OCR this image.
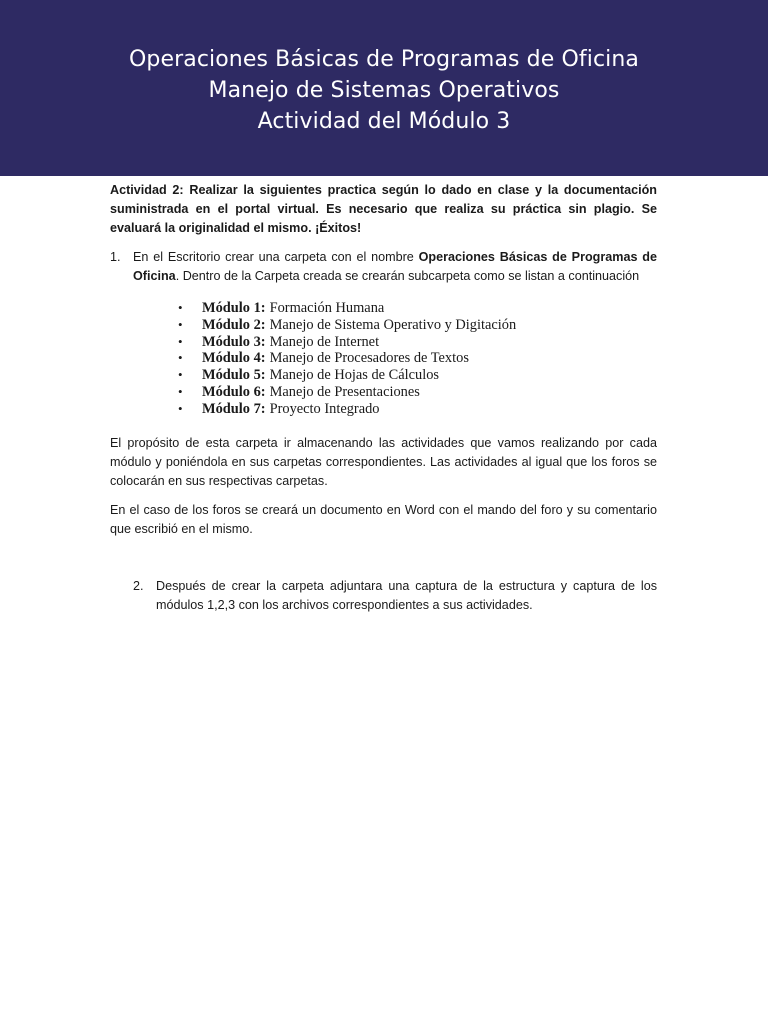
Operaciones Básicas de Programas de Oficina
Manejo de Sistemas Operativos
Actividad del Módulo 3

Actividad 2: Realizar la siguientes practica según lo dado en clase y la documentación suministrada en el portal virtual. Es necesario que realiza su práctica sin plagio. Se evaluará la originalidad el mismo. ¡Éxitos!

1. En el Escritorio crear una carpeta con el nombre Operaciones Básicas de Programas de Oficina. Dentro de la Carpeta creada se crearán subcarpeta como se listan a continuación
•	Módulo 1: Formación Humana
•	Módulo 2: Manejo de Sistema Operativo y Digitación
•	Módulo 3: Manejo de Internet
•	Módulo 4: Manejo de Procesadores de Textos
•	Módulo 5: Manejo de Hojas de Cálculos
•	Módulo 6: Manejo de Presentaciones
•	Módulo 7: Proyecto Integrado

El propósito de esta carpeta ir almacenando las actividades que vamos realizando por cada módulo y poniéndola en sus carpetas correspondientes. Las actividades al igual que los foros se colocarán en sus respectivas carpetas.

En el caso de los foros se creará un documento en Word con el mando del foro y su comentario que escribió en el mismo.

2. Después de crear la carpeta adjuntara una captura de la estructura y captura de los módulos 1,2,3 con los archivos correspondientes a sus actividades.
